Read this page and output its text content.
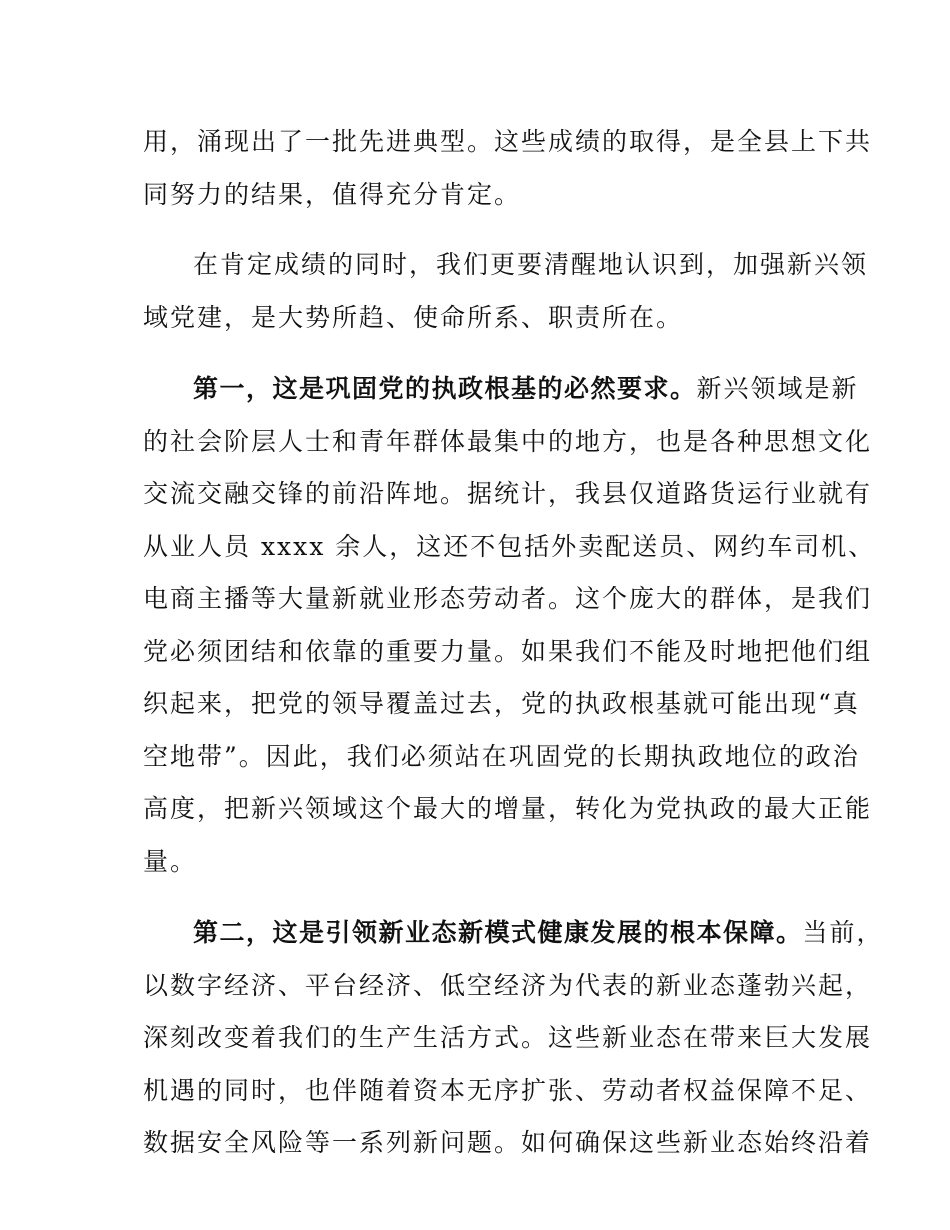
用，涌现出了一批先进典型。这些成绩的取得，是全县上下共
同努力的结果，值得充分肯定。

在肯定成绩的同时，我们更要清醒地认识到，加强新兴领
域党建，是大势所趋、使命所系、职责所在。

第一，这是巩固党的执政根基的必然要求。新兴领域是新
的社会阶层人士和青年群体最集中的地方，也是各种思想文化
交流交融交锋的前沿阵地。据统计，我县仅道路货运行业就有
从业人员 xxxx 余人，这还不包括外卖配送员、网约车司机、
电商主播等大量新就业形态劳动者。这个庞大的群体，是我们
党必须团结和依靠的重要力量。如果我们不能及时地把他们组
织起来，把党的领导覆盖过去，党的执政根基就可能出现“真
空地带”。因此，我们必须站在巩固党的长期执政地位的政治
高度，把新兴领域这个最大的增量，转化为党执政的最大正能
量。

第二，这是引领新业态新模式健康发展的根本保障。当前，
以数字经济、平台经济、低空经济为代表的新业态蓬勃兴起，
深刻改变着我们的生产生活方式。这些新业态在带来巨大发展
机遇的同时，也伴随着资本无序扩张、劳动者权益保障不足、
数据安全风险等一系列新问题。如何确保这些新业态始终沿着
